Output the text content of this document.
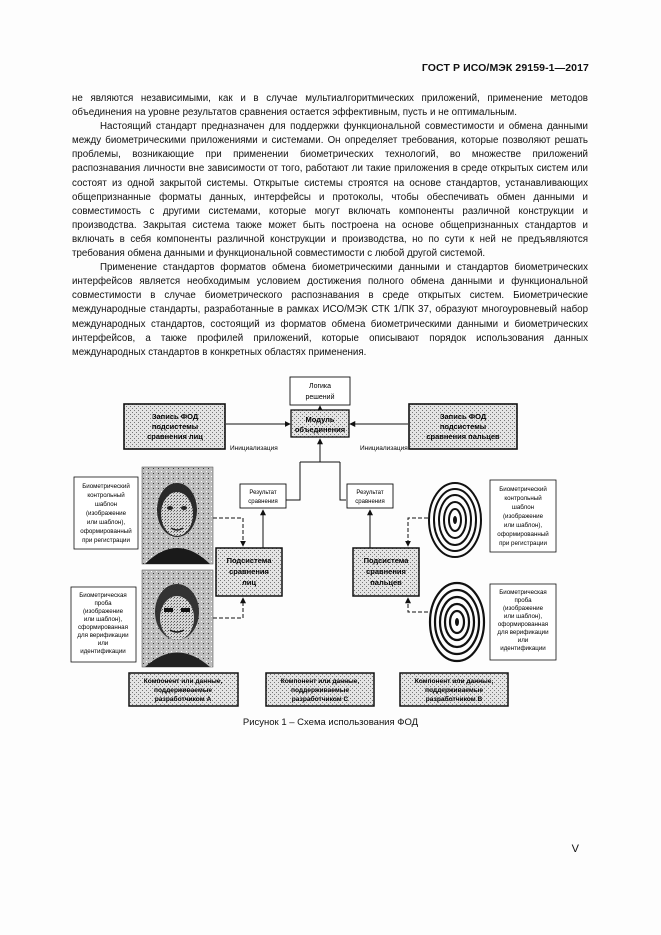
ГОСТ Р ИСО/МЭК 29159-1—2017

не являются независимыми, как и в случае мультиалгоритмических приложений, применение методов объединения на уровне результатов сравнения остается эффективным, пусть и не оптимальным.

Настоящий стандарт предназначен для поддержки функциональной совместимости и обмена данными между биометрическими приложениями и системами. Он определяет требования, которые позволяют решать проблемы, возникающие при применении биометрических технологий, во множестве приложений распознавания личности вне зависимости от того, работают ли такие приложения в среде открытых систем или состоят из одной закрытой системы. Открытые системы строятся на основе стандартов, устанавливающих общепризнанные форматы данных, интерфейсы и протоколы, чтобы обеспечивать обмен данными и совместимость с другими системами, которые могут включать компоненты различной конструкции и производства. Закрытая система также может быть построена на основе общепризнанных стандартов и включать в себя компоненты различной конструкции и производства, но по сути к ней не предъявляются требования обмена данными и функциональной совместимости с любой другой системой.

Применение стандартов форматов обмена биометрическими данными и стандартов биометрических интерфейсов является необходимым условием достижения полного обмена данными и функциональной совместимости в случае биометрического распознавания в среде открытых систем. Биометрические международные стандарты, разработанные в рамках ИСО/МЭК СТК 1/ПК 37, образуют многоуровневый набор международных стандартов, состоящий из форматов обмена биометрическими данными и биометрических интерфейсов, а также профилей приложений, которые описывают порядок использования данных международных стандартов в конкретных областях применения.

Логика
решений
Модуль
объединения
Запись ФОД
подсистемы
сравнения лиц
Запись ФОД
подсистемы
сравнения пальцев
Инициализация	Инициализация
Результат
сравнения
Результат
сравнения
Подсистема
сравнения
лиц
Подсистема
сравнения
пальцев
Биометрический
контрольный
шаблон
(изображение
или шаблон),
оформированный
при регистрации
Биометрическая
проба
(изображение
или шаблон),
сформированная
для верификации
или
идентификации
Биометрический
контрольный
шаблон
(изображение
или шаблон),
оформированный
при регистрации
Биометрическая
проба
(изображение
или шаблон),
оформированная
для верификации
или
идентификации
Компонент или данные,
поддерживаемые
разработчиком А
Компонент или данные,
поддерживаемые
разработчиком С
Компонент или данные,
поддерживаемые
разработчиком В
Рисунок 1 – Схема использования ФОД
V
